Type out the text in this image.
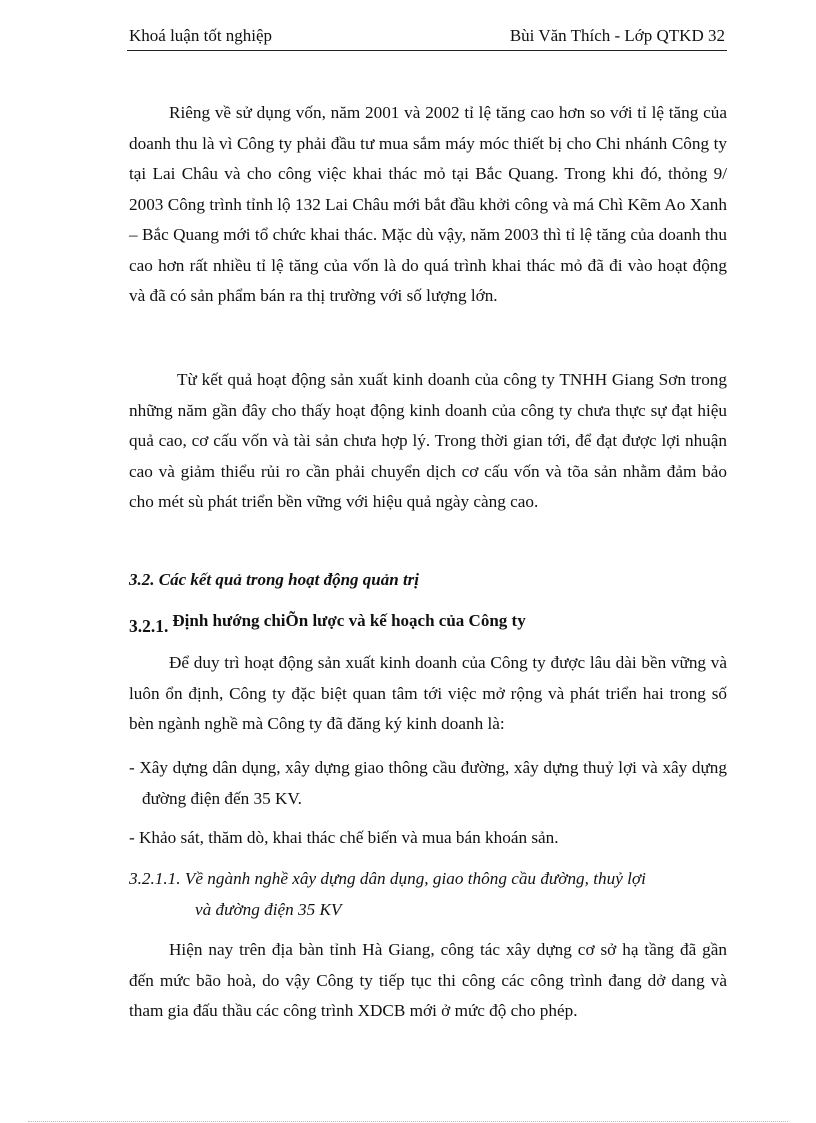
Khoá luận tốt nghiệp	Bùi Văn Thích - Lớp QTKD 32

Riêng về sử dụng vốn, năm 2001 và 2002 tỉ lệ tăng cao hơn so với tỉ lệ tăng của doanh thu là vì Công ty phải đầu tư mua sắm máy móc thiết bị cho Chi nhánh Công ty tại Lai Châu và cho công việc khai thác mỏ tại Bắc Quang. Trong khi đó, thỏng 9/ 2003 Công trình tỉnh lộ 132 Lai Châu mới bắt đầu khởi công và má Chì Kẽm Ao Xanh – Bắc Quang mới tổ chức khai thác. Mặc dù vậy, năm 2003 thì tỉ lệ tăng của doanh thu cao hơn rất nhiều tỉ lệ tăng của vốn là do quá trình khai thác mỏ đã đi vào hoạt động và đã có sản phẩm bán ra thị trường với số lượng lớn.

Từ kết quả hoạt động sản xuất kinh doanh của công ty TNHH Giang Sơn trong những năm gần đây cho thấy hoạt động kinh doanh của công ty chưa thực sự đạt hiệu quả cao, cơ cấu vốn và tài sản chưa hợp lý. Trong thời gian tới, để đạt được lợi nhuận cao và giảm thiểu rủi ro cần phải chuyển dịch cơ cấu vốn và tõa sản nhằm đảm bảo cho mét sù phát triển bền vững với hiệu quả ngày càng cao.

3.2. Các kết quả trong hoạt động quản trị
3.2.1. Định hướng chiÕn lược và kế hoạch của Công ty

Để duy trì hoạt động sản xuất kinh doanh của Công ty được lâu dài bền vững và luôn ổn định, Công ty đặc biệt quan tâm tới việc mở rộng và phát triển hai trong số bèn ngành nghề mà Công ty đã đăng ký kinh doanh là:

- Xây dựng dân dụng, xây dựng giao thông cầu đường, xây dựng thuỷ lợi và xây dựng đường điện đến 35 KV.
- Khảo sát, thăm dò, khai thác chế biến và mua bán khoán sản.
3.2.1.1. Về ngành nghề xây dựng dân dụng, giao thông cầu đường, thuỷ lợi
và đường điện 35 KV

Hiện nay trên địa bàn tỉnh Hà Giang, công tác xây dựng cơ sở hạ tầng đã gần đến mức bão hoà, do vậy Công ty tiếp tục thi công các công trình đang dở dang và tham gia đấu thầu các công trình XDCB mới ở mức độ cho phép.
